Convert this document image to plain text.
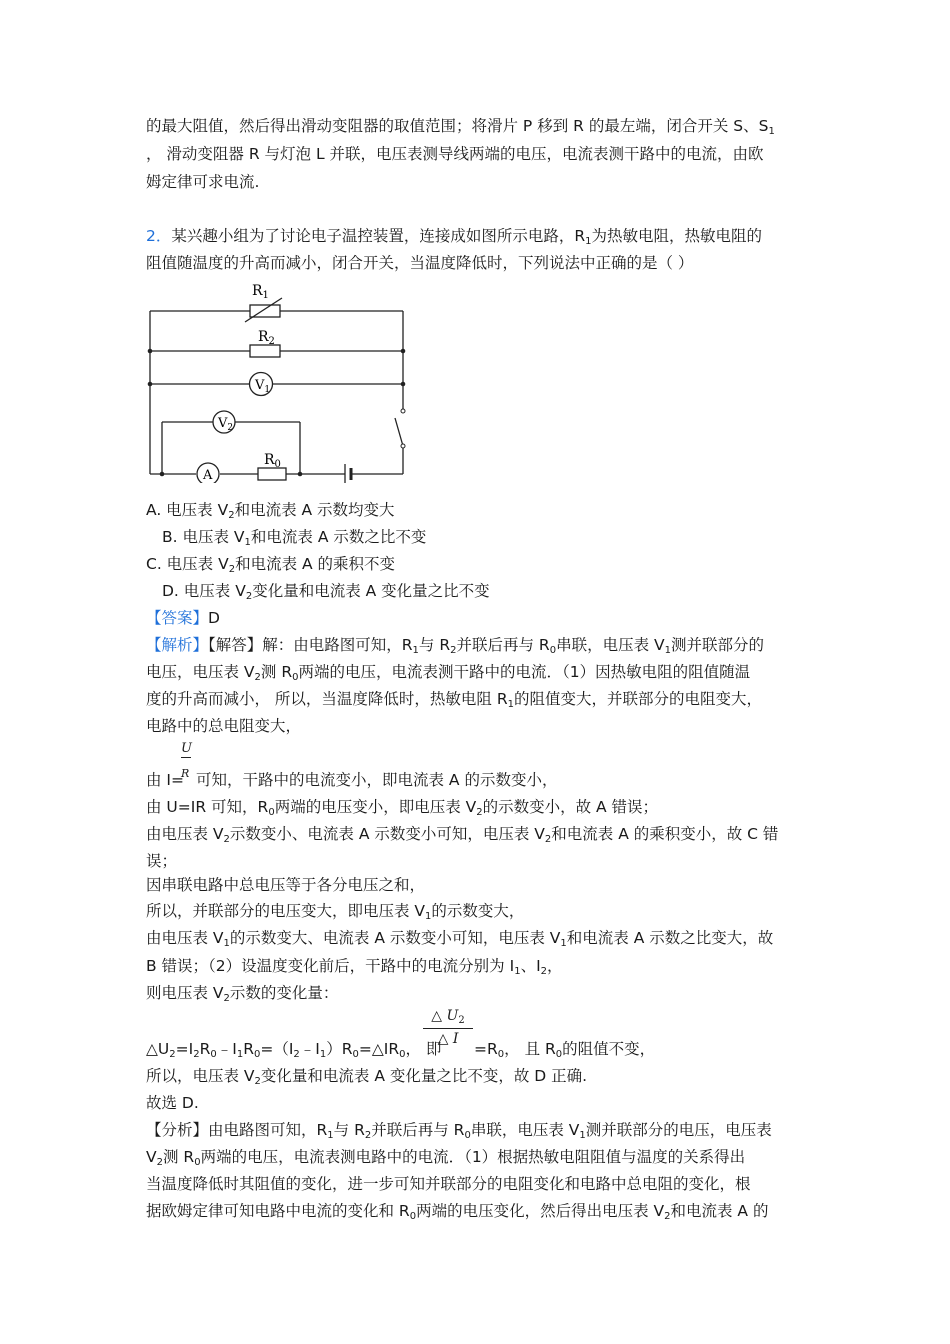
的最大阻值，然后得出滑动变阻器的取值范围；将滑片 P 移到 R 的最左端，闭合开关 S、$S_1$
， 滑动变阻器 R 与灯泡 L 并联，电压表测导线两端的电压，电流表测干路中的电流，由欧
姆定律可求电流.
2．某兴趣小组为了讨论电子温控装置，连接成如图所示电路，$R_1$为热敏电阻，热敏电阻的
阻值随温度的升高而减小，闭合开关，当温度降低时，下列说法中正确的是（ ）
$R_1$
$R_2$
$V_1$
$V_2$
A
$R_0$
A. 电压表 $V_2$和电流表 A 示数均变大
B. 电压表 $V_1$和电流表 A 示数之比不变
C. 电压表 $V_2$和电流表 A 的乘积不变
D. 电压表 $V_2$变化量和电流表 A 变化量之比不变
【答案】D
【解析】【解答】解：由电路图可知，$R_1$与 $R_2$并联后再与 $R_0$串联，电压表 $V_1$测并联部分的
电压，电压表 $V_2$测 $R_0$两端的电压，电流表测干路中的电流．（1）因热敏电阻的阻值随温
度的升高而减小， 所以，当温度降低时，热敏电阻 $R_1$的阻值变大，并联部分的电阻变大，
电路中的总电阻变大，
U
R
由 I= 可知，干路中的电流变小，即电流表 A 的示数变小，
由 U=IR 可知，$R_0$两端的电压变小，即电压表 $V_2$的示数变小，故 A 错误；
由电压表 $V_2$示数变小、电流表 A 示数变小可知，电压表 $V_2$和电流表 A 的乘积变小，故 C 错
误；
因串联电路中总电压等于各分电压之和，
所以，并联部分的电压变大，即电压表 $V_1$的示数变大，
由电压表 $V_1$的示数变大、电流表 A 示数变小可知，电压表 $V_1$和电流表 A 示数之比变大，故
B 错误；（2）设温度变化前后，干路中的电流分别为 $I_1$、$I_2$，
则电压表 $V_2$示数的变化量：
△ $U_2$
△ I
$\triangle U_2=I_2R_0﹣I_1R_0=(I_2﹣I_1)R_0=\triangle IR_0$， 即 $=R_0$， 且 $R_0$的阻值不变，
所以，电压表 $V_2$变化量和电流表 A 变化量之比不变，故 D 正确.
故选 D.
【分析】由电路图可知，$R_1$与 $R_2$并联后再与 $R_0$串联，电压表 $V_1$测并联部分的电压，电压表
$V_2$测 $R_0$两端的电压，电流表测电路中的电流．（1）根据热敏电阻阻值与温度的关系得出
当温度降低时其阻值的变化，进一步可知并联部分的电阻变化和电路中总电阻的变化，根
据欧姆定律可知电路中电流的变化和 $R_0$两端的电压变化，然后得出电压表 $V_2$和电流表 A 的
